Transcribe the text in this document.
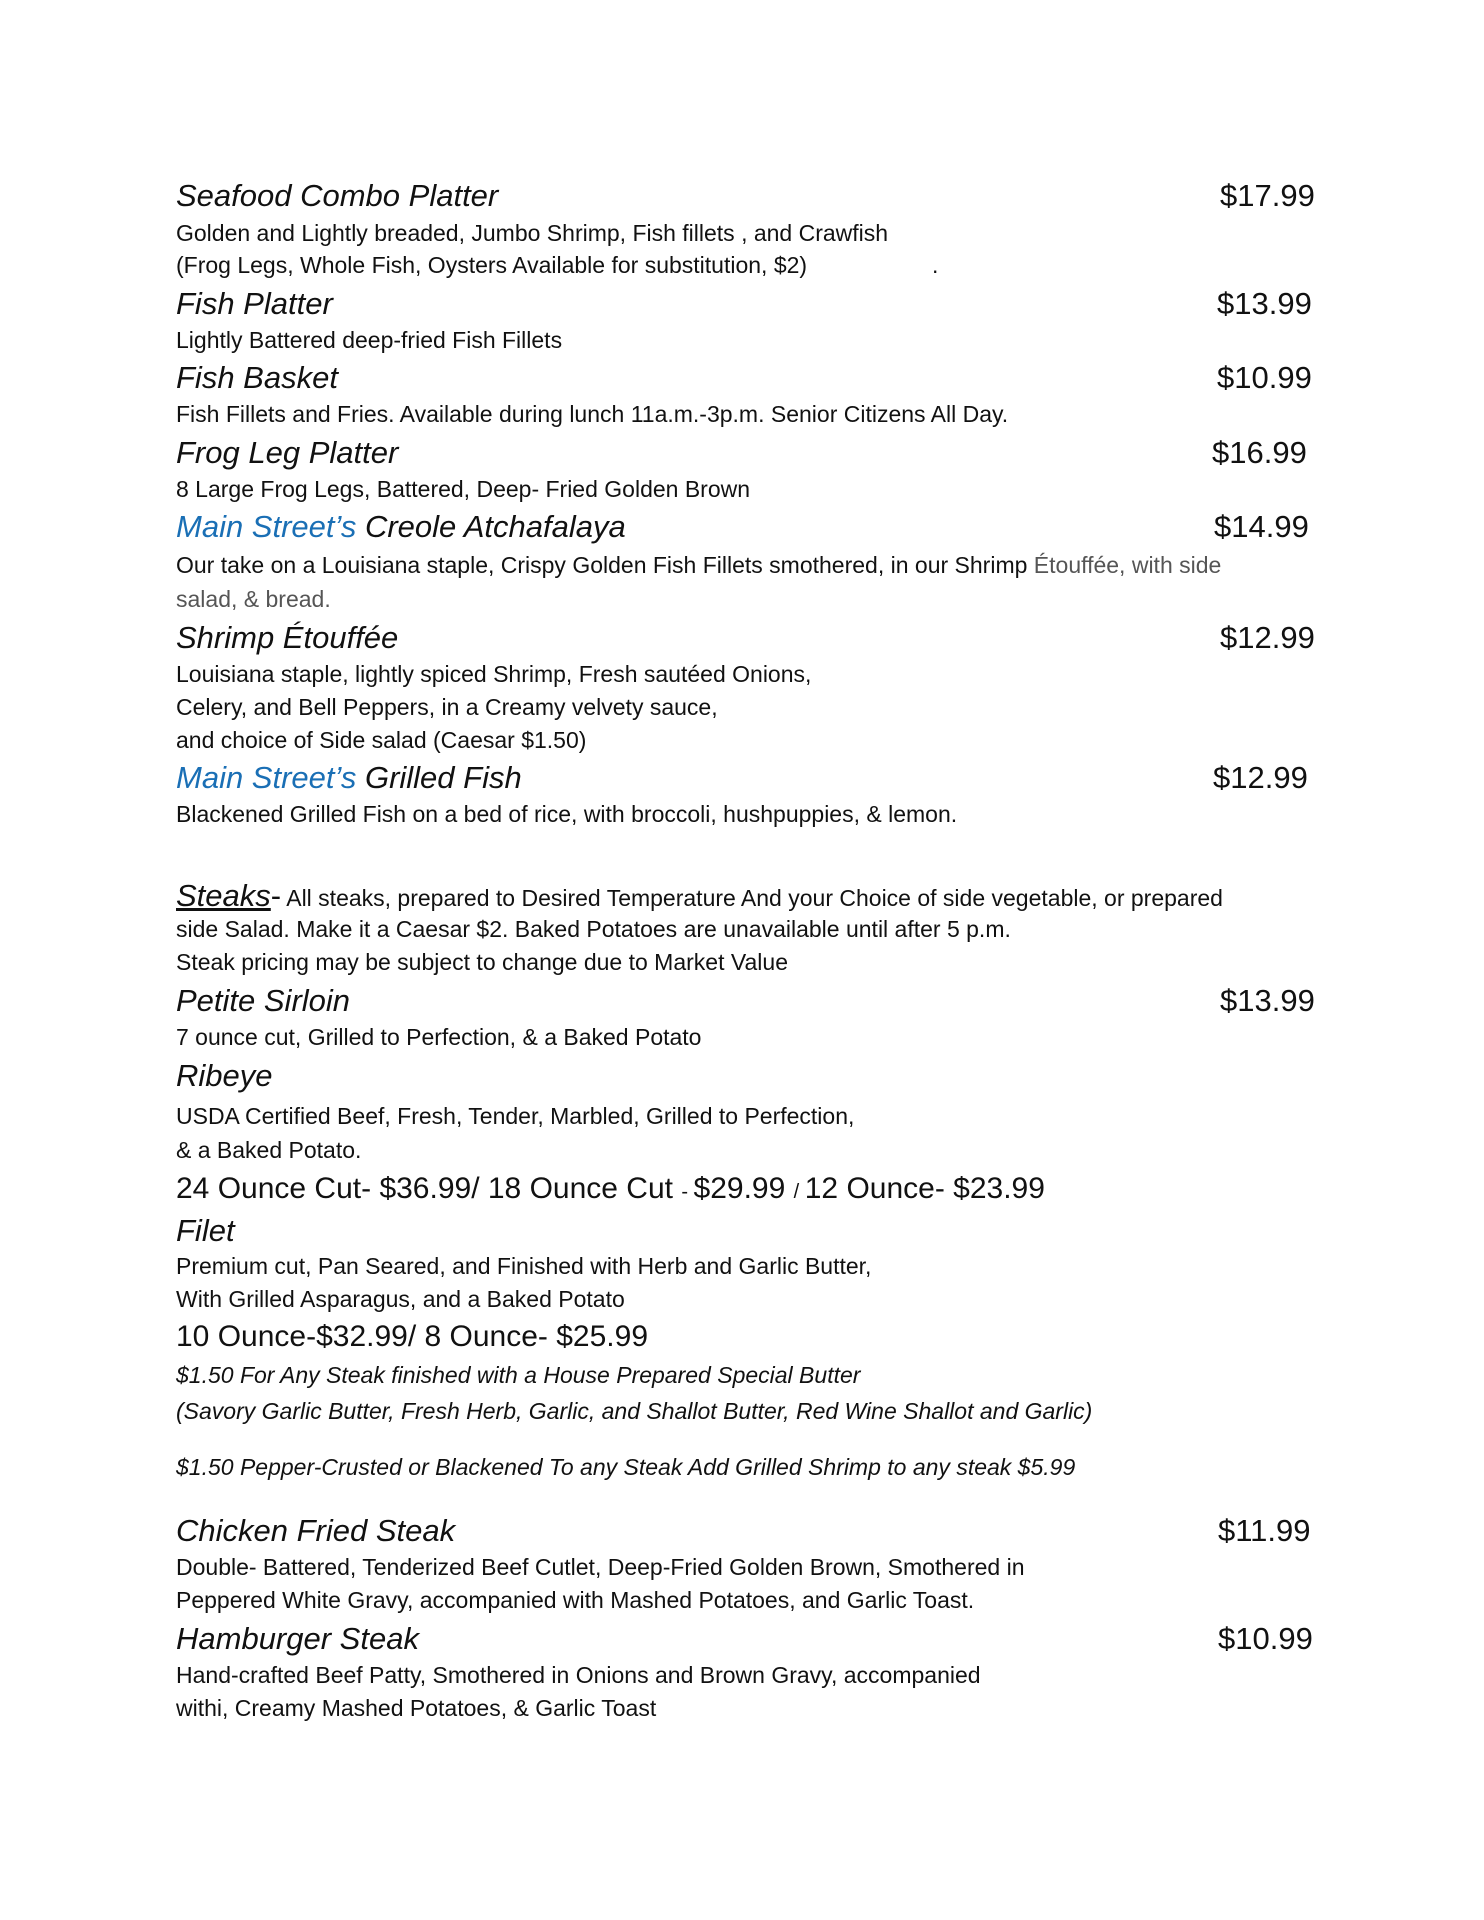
Seafood Combo Platter	$17.99
Golden and Lightly breaded, Jumbo Shrimp, Fish fillets , and Crawfish
(Frog Legs, Whole Fish, Oysters Available for substitution, $2)	.
Fish Platter	$13.99
Lightly Battered deep-fried Fish Fillets
Fish Basket	$10.99
Fish Fillets and Fries. Available during lunch 11a.m.-3p.m. Senior Citizens All Day.
Frog Leg Platter	$16.99
8 Large Frog Legs, Battered, Deep- Fried Golden Brown
Main Street’s Creole Atchafalaya	$14.99
Our take on a Louisiana staple, Crispy Golden Fish Fillets smothered, in our Shrimp Étouffée, with side
salad, & bread.
Shrimp Étouffée	$12.99
Louisiana staple, lightly spiced Shrimp, Fresh sautéed Onions,
Celery, and Bell Peppers, in a Creamy velvety sauce,
and choice of Side salad (Caesar $1.50)
Main Street’s Grilled Fish	$12.99
Blackened Grilled Fish on a bed of rice, with broccoli, hushpuppies, & lemon.
Steaks- All steaks, prepared to Desired Temperature And your Choice of side vegetable, or prepared
side Salad. Make it a Caesar $2. Baked Potatoes are unavailable until after 5 p.m.
Steak pricing may be subject to change due to Market Value
Petite Sirloin	$13.99
7 ounce cut, Grilled to Perfection, & a Baked Potato
Ribeye
USDA Certified Beef, Fresh, Tender, Marbled, Grilled to Perfection,
& a Baked Potato.
24 Ounce Cut- $36.99/ 18 Ounce Cut - $29.99 / 12 Ounce- $23.99
Filet
Premium cut, Pan Seared, and Finished with Herb and Garlic Butter,
With Grilled Asparagus, and a Baked Potato
10 Ounce-$32.99/ 8 Ounce- $25.99
$1.50 For Any Steak finished with a House Prepared Special Butter
(Savory Garlic Butter, Fresh Herb, Garlic, and Shallot Butter, Red Wine Shallot and Garlic)
$1.50 Pepper-Crusted or Blackened To any Steak Add Grilled Shrimp to any steak $5.99
Chicken Fried Steak	$11.99
Double- Battered, Tenderized Beef Cutlet, Deep-Fried Golden Brown, Smothered in
Peppered White Gravy, accompanied with Mashed Potatoes, and Garlic Toast.
Hamburger Steak	$10.99
Hand-crafted Beef Patty, Smothered in Onions and Brown Gravy, accompanied
withi, Creamy Mashed Potatoes, & Garlic Toast
